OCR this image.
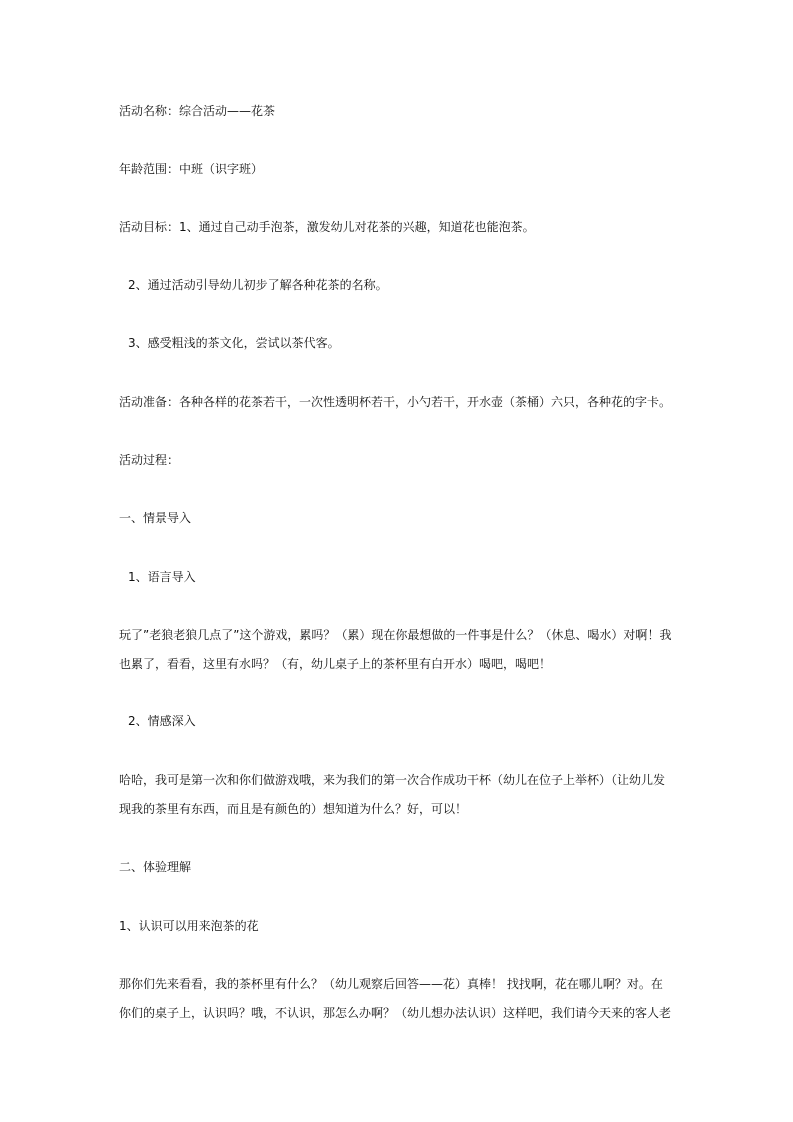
活动名称：综合活动——花茶

年龄范围：中班（识字班）

活动目标：1、通过自己动手泡茶，激发幼儿对花茶的兴趣，知道花也能泡茶。

2、通过活动引导幼儿初步了解各种花茶的名称。

3、感受粗浅的茶文化，尝试以茶代客。

活动准备：各种各样的花茶若干，一次性透明杯若干，小勺若干，开水壶（茶桶）六只，各种花的字卡。

活动过程：

一、情景导入

1、语言导入

玩了”老狼老狼几点了”这个游戏，累吗？（累）现在你最想做的一件事是什么？（休息、喝水）对啊！我

也累了，看看，这里有水吗？（有，幼儿桌子上的茶杯里有白开水）喝吧，喝吧！

2、情感深入

哈哈，我可是第一次和你们做游戏哦，来为我们的第一次合作成功干杯（幼儿在位子上举杯）（让幼儿发

现我的茶里有东西，而且是有颜色的）想知道为什么？好，可以！

二、体验理解

1、认识可以用来泡茶的花

那你们先来看看，我的茶杯里有什么？（幼儿观察后回答——花）真棒！ 找找啊，花在哪儿啊？对。在

你们的桌子上，认识吗？哦，不认识，那怎么办啊？（幼儿想办法认识）这样吧，我们请今天来的客人老
